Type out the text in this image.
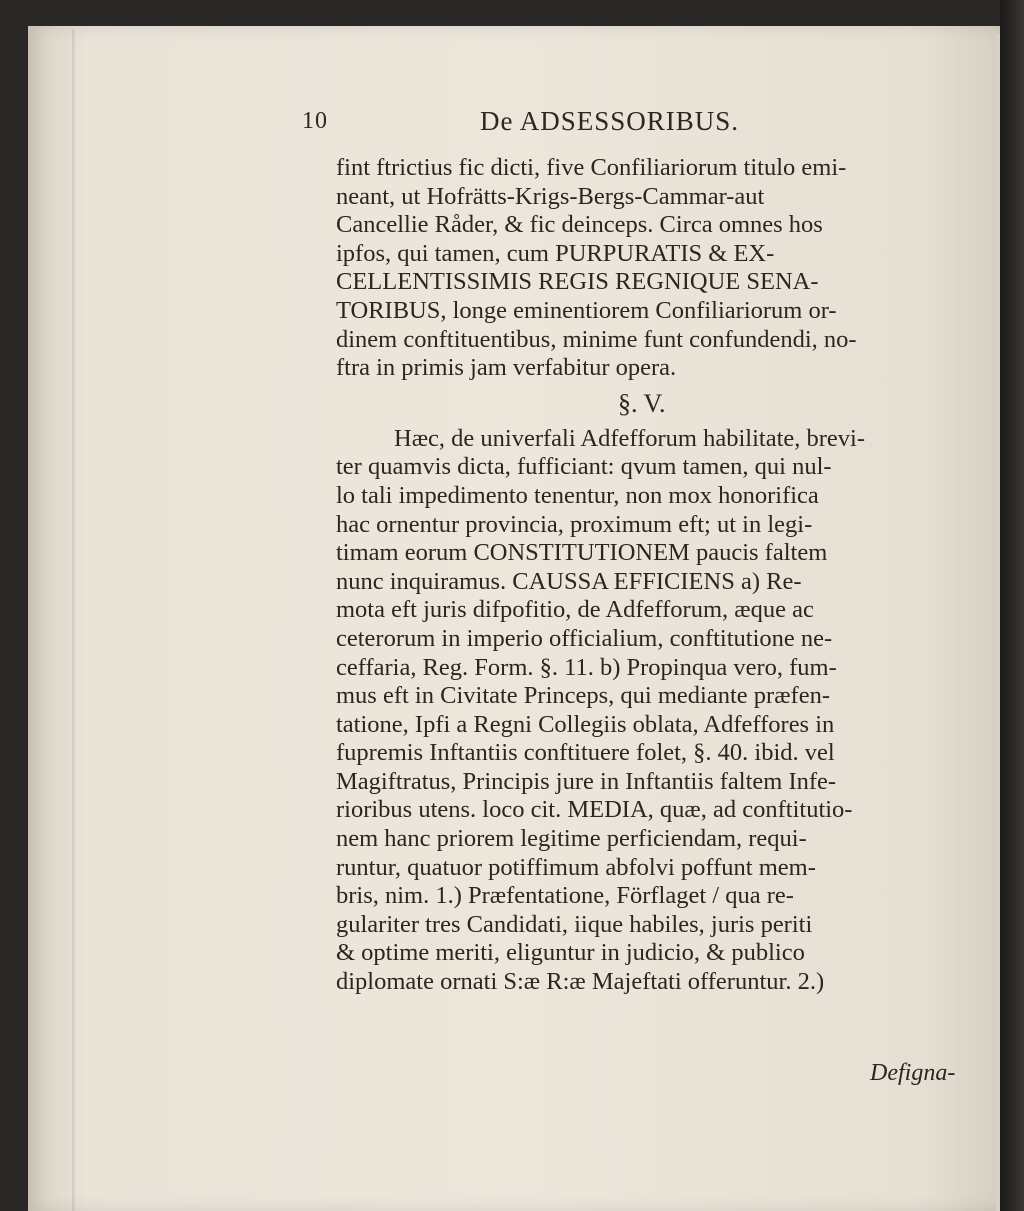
10	De ADSESSORIBUS.
fint ftrictius fic dicti, five Confiliariorum titulo emi-
neant, ut Hofrätts-Krigs-Bergs-Cammar-aut
Cancellie Råder, & fic deinceps. Circa omnes hos
ipfos, qui tamen, cum PURPURATIS & EX-
CELLENTISSIMIS REGIS REGNIQUE SENA-
TORIBUS, longe eminentiorem Confiliariorum or-
dinem conftituentibus, minime funt confundendi, no-
ftra in primis jam verfabitur opera.
§. V.
Hæc, de univerfali Adfefforum habilitate, brevi-
ter quamvis dicta, fufficiant: qvum tamen, qui nul-
lo tali impedimento tenentur, non mox honorifica
hac ornentur provincia, proximum eft; ut in legi-
timam eorum CONSTITUTIONEM paucis faltem
nunc inquiramus. CAUSSA EFFICIENS a) Re-
mota eft juris difpofitio, de Adfefforum, æque ac
ceterorum in imperio officialium, conftitutione ne-
ceffaria, Reg. Form. §. 11. b) Propinqua vero, fum-
mus eft in Civitate Princeps, qui mediante præfen-
tatione, Ipfi a Regni Collegiis oblata, Adfeffores in
fupremis Inftantiis conftituere folet, §. 40. ibid. vel
Magiftratus, Principis jure in Inftantiis faltem Infe-
rioribus utens. loco cit. MEDIA, quæ, ad conftitutio-
nem hanc priorem legitime perficiendam, requi-
runtur, quatuor potiffimum abfolvi poffunt mem-
bris, nim. 1.) Præfentatione, Förflaget / qua re-
gulariter tres Candidati, iique habiles, juris periti
& optime meriti, eliguntur in judicio, & publico
diplomate ornati S:æ R:æ Majeftati offeruntur. 2.)
Defigna-
